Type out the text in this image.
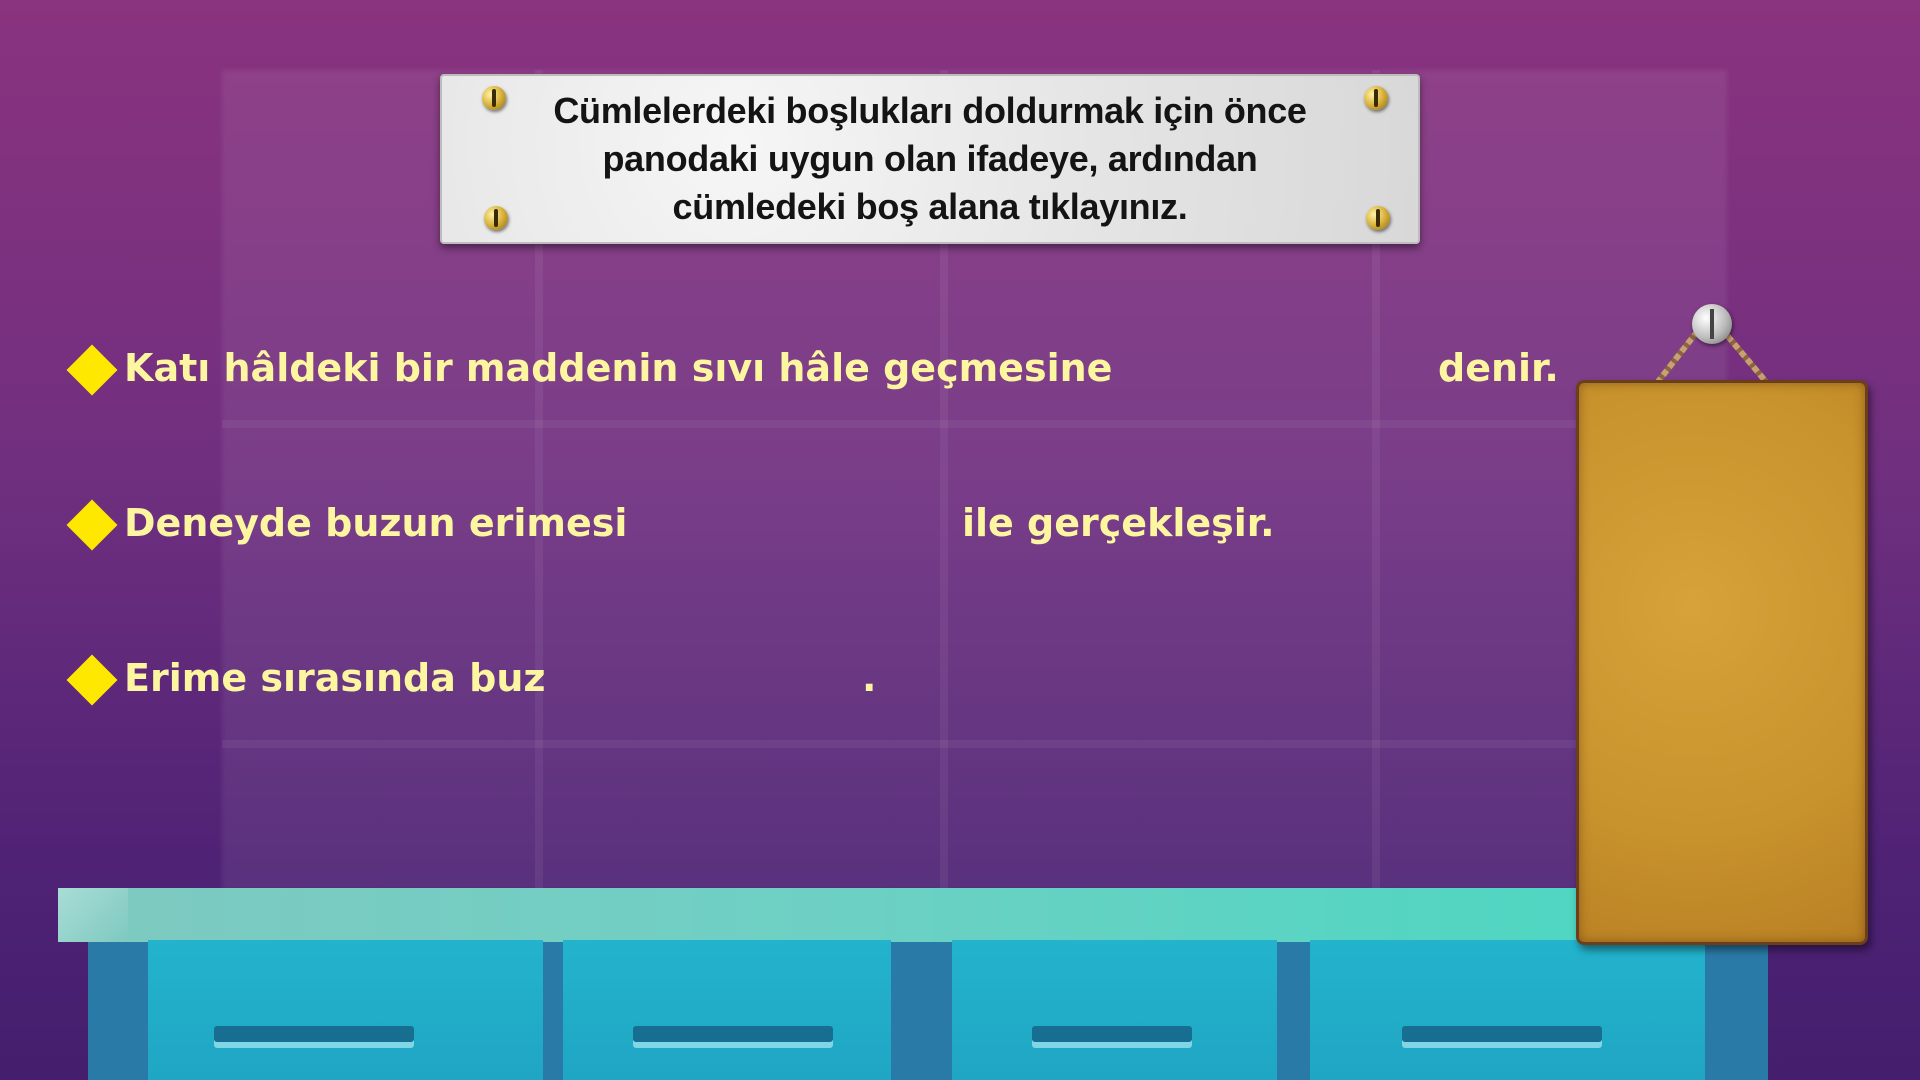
Cümlelerdeki boşlukları doldurmak için önce panodaki uygun olan ifadeye, ardından cümledeki boş alana tıklayınız.
Katı hâldeki bir maddenin sıvı hâle geçmesine	denir.
Deneyde buzun erimesi	ile gerçekleşir.
Erime sırasında buz	.
